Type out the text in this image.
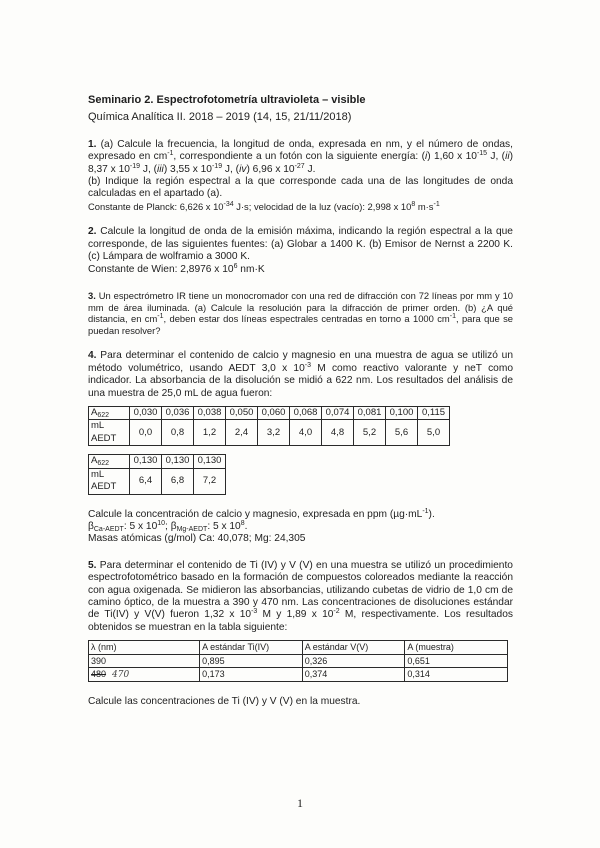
Seminario 2. Espectrofotometría ultravioleta – visible

Química Analítica II. 2018 – 2019 (14, 15, 21/11/2018)

1. (a) Calcule la frecuencia, la longitud de onda, expresada en nm, y el número de ondas, expresado en $cm^{-1}$, correspondiente a un fotón con la siguiente energía: (i) 1,60 x $10^{-15}$ J, (ii) 8,37 x $10^{-19}$ J, (iii) 3,55 x $10^{-19}$ J, (iv) 6,96 x $10^{-27}$ J.

(b) Indique la región espectral a la que corresponde cada una de las longitudes de onda calculadas en el apartado (a).

Constante de Planck: 6,626 x $10^{-34}$ J·s; velocidad de la luz (vacío): 2,998 x $10^8$ $m\cdot s^{-1}$

2. Calcule la longitud de onda de la emisión máxima, indicando la región espectral a la que corresponde, de las siguientes fuentes: (a) Globar a 1400 K. (b) Emisor de Nernst a 2200 K. (c) Lámpara de wolframio a 3000 K.

Constante de Wien: 2,8976 x $10^6$ nm·K

3. Un espectrómetro IR tiene un monocromador con una red de difracción con 72 líneas por mm y 10 mm de área iluminada. (a) Calcule la resolución para la difracción de primer orden. (b) ¿A qué distancia, en $cm^{-1}$, deben estar dos líneas espectrales centradas en torno a 1000 $cm^{-1}$, para que se puedan resolver?

4. Para determinar el contenido de calcio y magnesio en una muestra de agua se utilizó un método volumétrico, usando AEDT 3,0 x $10^{-3}$ M como reactivo valorante y neT como indicador. La absorbancia de la disolución se midió a 622 nm. Los resultados del análisis de una muestra de 25,0 mL de agua fueron:

$A_{622}$	0,030	0,036	0,038	0,050	0,060	0,068	0,074	0,081	0,100	0,115
mL AEDT	0,0	0,8	1,2	2,4	3,2	4,0	4,8	5,2	5,6	5,0
$A_{622}$	0,130	0,130	0,130
mL AEDT	6,4	6,8	7,2

Calcule la concentración de calcio y magnesio, expresada en ppm $(\mu g\cdot mL^{-1})$.

$\beta_{Ca-AEDT}$: 5 x $10^{10}$; $\beta_{Mg-AEDT}$: 5 x $10^8$.

Masas atómicas (g/mol) Ca: 40,078; Mg: 24,305

5. Para determinar el contenido de Ti (IV) y V (V) en una muestra se utilizó un procedimiento espectrofotométrico basado en la formación de compuestos coloreados mediante la reacción con agua oxigenada. Se midieron las absorbancias, utilizando cubetas de vidrio de 1,0 cm de camino óptico, de la muestra a 390 y 470 nm. Las concentraciones de disoluciones estándar de Ti(IV) y V(V) fueron 1,32 x $10^{-3}$ M y 1,89 x $10^{-2}$ M, respectivamente. Los resultados obtenidos se muestran en la tabla siguiente:

λ (nm)	A estándar Ti(IV)	A estándar V(V)	A (muestra)
390	0,895	0,326	0,651
480 470	0,173	0,374	0,314

Calcule las concentraciones de Ti (IV) y V (V) en la muestra.

1
